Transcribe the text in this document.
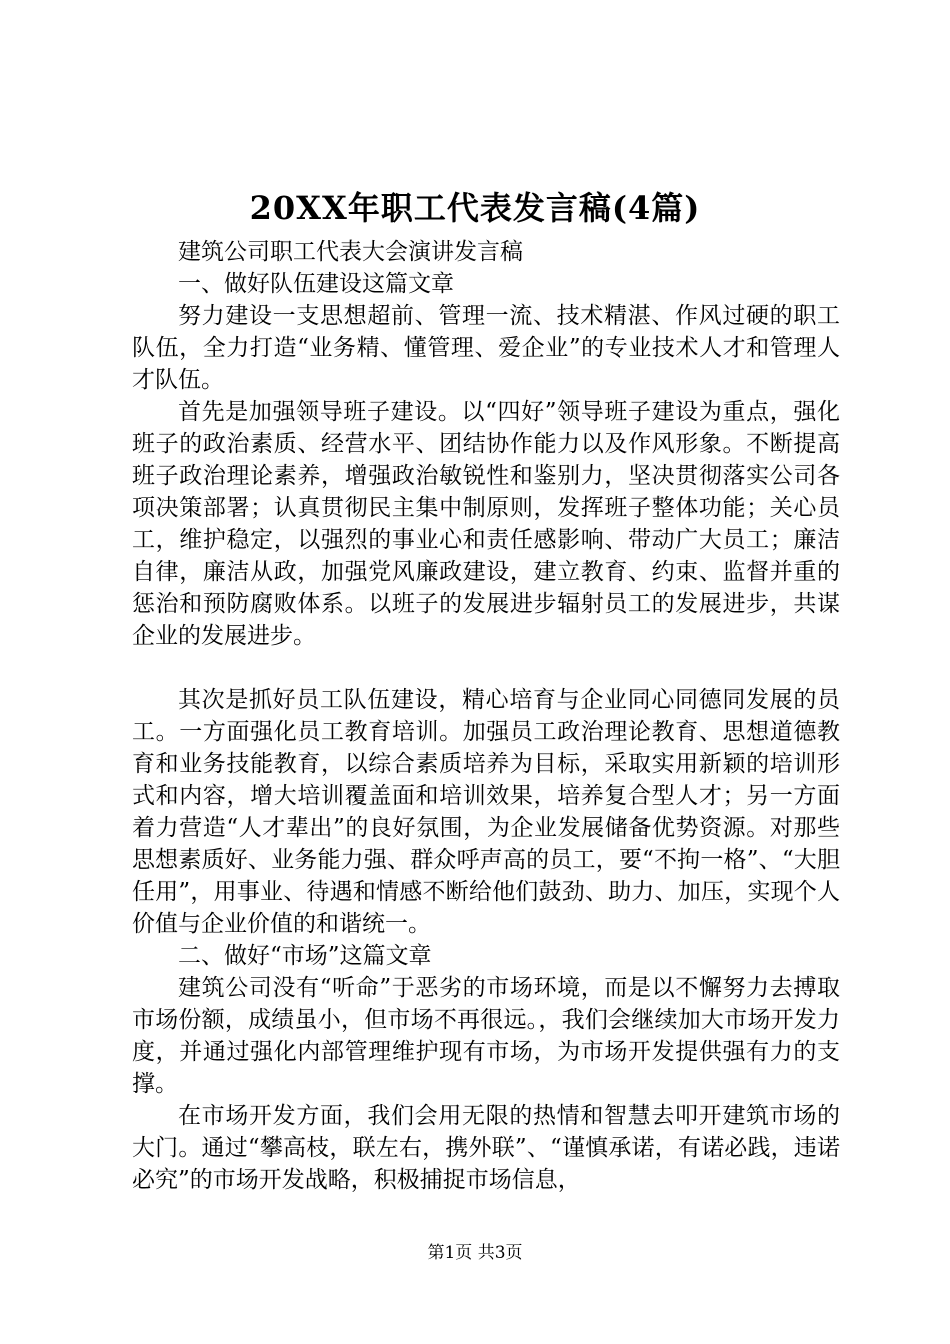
20XX年职工代表发言稿(4篇)

建筑公司职工代表大会演讲发言稿

一、做好队伍建设这篇文章

努力建设一支思想超前、管理一流、技术精湛、作风过硬的职工队伍，全力打造“业务精、懂管理、爱企业”的专业技术人才和管理人才队伍。

首先是加强领导班子建设。以“四好”领导班子建设为重点，强化班子的政治素质、经营水平、团结协作能力以及作风形象。不断提高班子政治理论素养，增强政治敏锐性和鉴别力，坚决贯彻落实公司各项决策部署；认真贯彻民主集中制原则，发挥班子整体功能；关心员工，维护稳定，以强烈的事业心和责任感影响、带动广大员工；廉洁自律，廉洁从政，加强党风廉政建设，建立教育、约束、监督并重的惩治和预防腐败体系。以班子的发展进步辐射员工的发展进步，共谋企业的发展进步。

其次是抓好员工队伍建设，精心培育与企业同心同德同发展的员工。一方面强化员工教育培训。加强员工政治理论教育、思想道德教育和业务技能教育，以综合素质培养为目标，采取实用新颖的培训形式和内容，增大培训覆盖面和培训效果，培养复合型人才；另一方面着力营造“人才辈出”的良好氛围，为企业发展储备优势资源。对那些思想素质好、业务能力强、群众呼声高的员工，要“不拘一格”、“大胆任用”，用事业、待遇和情感不断给他们鼓劲、助力、加压，实现个人价值与企业价值的和谐统一。

二、做好“市场”这篇文章

建筑公司没有“听命”于恶劣的市场环境，而是以不懈努力去搏取市场份额，成绩虽小，但市场不再很远。，我们会继续加大市场开发力度，并通过强化内部管理维护现有市场，为市场开发提供强有力的支撑。

在市场开发方面，我们会用无限的热情和智慧去叩开建筑市场的大门。通过“攀高枝，联左右，携外联”、“谨慎承诺，有诺必践，违诺必究”的市场开发战略，积极捕捉市场信息，

第1页 共3页
